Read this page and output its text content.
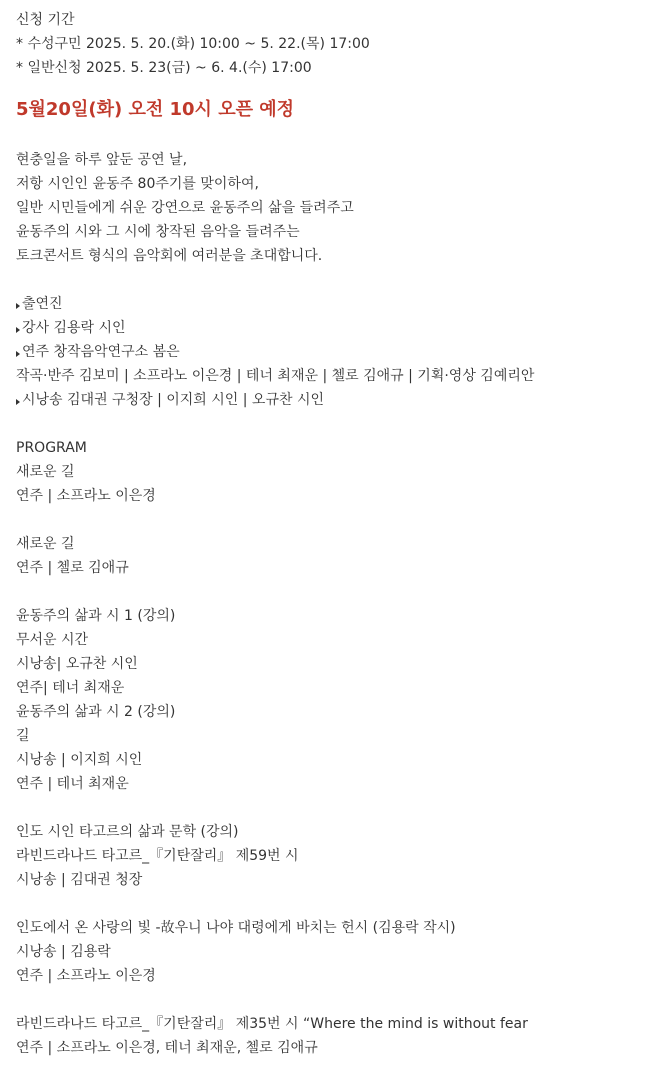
신청 기간
* 수성구민 2025. 5. 20.(화) 10:00 ~ 5. 22.(목) 17:00
* 일반신청 2025. 5. 23(금) ~ 6. 4.(수) 17:00
5월20일(화) 오전 10시 오픈 예정
현충일을 하루 앞둔 공연 날,
저항 시인인 윤동주 80주기를 맞이하여,
일반 시민들에게 쉬운 강연으로 윤동주의 삶을 들려주고
윤동주의 시와 그 시에 창작된 음악을 들려주는
토크콘서트 형식의 음악회에 여러분을 초대합니다.
출연진
강사 김용락 시인
연주 창작음악연구소 봄은
작곡·반주 김보미 | 소프라노 이은경 | 테너 최재운 | 첼로 김애규 | 기획·영상 김예리안
시낭송 김대권 구청장 | 이지희 시인 | 오규찬 시인
PROGRAM
새로운 길
연주 | 소프라노 이은경
새로운 길
연주 | 첼로 김애규
윤동주의 삶과 시 1 (강의)
무서운 시간
시낭송| 오규찬 시인
연주| 테너 최재운
윤동주의 삶과 시 2 (강의)
길
시낭송 | 이지희 시인
연주 | 테너 최재운
인도 시인 타고르의 삶과 문학 (강의)
라빈드라나드 타고르_『기탄잘리』 제59번 시
시낭송 | 김대권 청장
인도에서 온 사랑의 빛 -故우니 나야 대령에게 바치는 헌시 (김용락 작시)
시낭송 | 김용락
연주 | 소프라노 이은경
라빈드라나드 타고르_『기탄잘리』 제35번 시 “Where the mind is without fear
연주 | 소프라노 이은경, 테너 최재운, 첼로 김애규
